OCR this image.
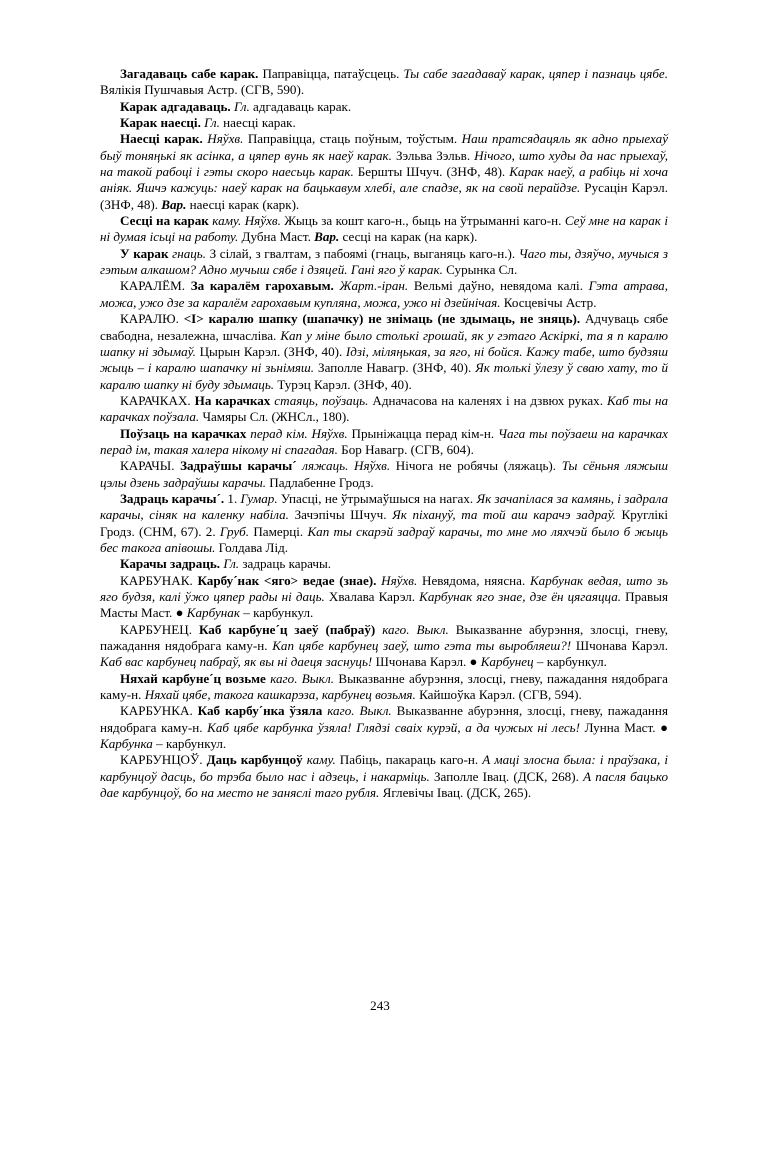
Загадаваць сабе карак. Паправіцца, патаўсцець. Ты сабе загадаваў карак, цяпер і пазнаць цябе. Вялікія Пушчавыя Астр. (СГВ, 590).

Карак адгадаваць. Гл. адгадаваць карак.

Карак наесці. Гл. наесці карак.

Наесці карак. Няўхв. Паправіцца, стаць поўным, тоўстым. Наш пратсядацяль як адно прыехаў быў тоняңькі як асінка, а цяпер вунь як наеў карак. Зэльва Зэльв. Нічого, што худы да нас прыехаў, на такой рабоці і гэты скоро наесьць карак. Бершты Шчуч. (ЗНФ, 48). Карак наеў, а рабіць ні хоча аніяк. Яшчэ кажуць: наеў карак на бацькавум хлебі, але спадзе, як на свой перайдзе. Русацін Карэл. (ЗНФ, 48). Вар. наесці карак (карк).

Сесці на карак каму. Няўхв. Жыць за кошт каго-н., быць на ўтрыманні каго-н. Сеў мне на карак і ні думая ісьці на работу. Дубна Маст. Вар. сесці на карак (на карк).

У карак гнаць. З сілай, з гвалтам, з пабоямі (гнаць, выганяць каго-н.). Чаго ты, дзяўчо, мучыся з гэтым алкашом? Адно мучыш сябе і дзяцей. Гані яго ў карак. Сурынка Сл.

КАРАЛЁМ. За каралём гарохавым. Жарт.-іран. Вельмі даўно, невядома калі. Гэта атрава, можа, ужо дзе за каралём гарохавым купляна, можа, ужо ні дзейнічая. Косцевічы Астр.

КАРАЛЮ. <І> каралю шапку (шапачку) не знімаць (не здымаць, не зняць). Адчуваць сябе свабодна, незалежна, шчасліва. Кап у міне было столькі грошай, як у гэтаго Аскіркі, та я п каралю шапку ні здымаў. Цырын Карэл. (ЗНФ, 40). Ідзі, міляңькая, за яго, ні бойся. Кажу табе, што будзяш жыць – і каралю шапачку ні зьнімяш. Заполле Навагр. (ЗНФ, 40). Як толькі ўлезу ў сваю хату, то й каралю шапку ні буду здымаць. Турэц Карэл. (ЗНФ, 40).

КАРАЧКАХ. На карачках стаяць, поўзаць. Адначасова на каленях і на дзвюх руках. Каб ты на карачках поўзала. Чамяры Сл. (ЖНСл., 180).

Поўзаць на карачках перад кім. Няўхв. Прыніжацца перад кім-н. Чага ты поўзаеш на карачках перад ім, такая халера нікому ні спагадая. Бор Навагр. (СГВ, 604).

КАРАЧЫ. Задраўшы карачы´ ляжаць. Няўхв. Нічога не робячы (ляжаць). Ты сёньня ляжыш цэлы дзень задраўшы карачы. Падлабенне Гродз.

Задраць карачы´. 1. Гумар. Упасці, не ўтрымаўшыся на нагах. Як зачапілася за камянь, і задрала карачы, сіняк на каленку набіла. Зачэпічы Шчуч. Як піхануў, та той аш карачэ задраў. Круглікі Гродз. (СНМ, 67). 2. Груб. Памерці. Кап ты скарэй задраў карачы, то мне мо ляхчэй было б жыць бес такога апівошы. Голдава Лід.

Карачы задраць. Гл. задраць карачы.

КАРБУНАК. Карбу´нак <яго> ведае (знае). Няўхв. Невядома, няясна. Карбунак ведая, што зь яго будзя, калі ўжо цяпер рады ні даць. Хвалава Карэл. Карбунак яго знае, дзе ён цягаяцца. Правыя Масты Маст. ● Карбунак – карбункул.

КАРБУНЕЦ. Каб карбуне´ц заеў (пабраў) каго. Выкл. Выказванне абурэння, злосці, гневу, пажадання нядобрага каму-н. Кап цябе карбунец заеў, што гэта ты выробляеш?! Шчонава Карэл. Каб вас карбунец пабраў, як вы ні даеця заснуць! Шчонава Карэл. ● Карбунец – карбункул.

Няхай карбуне´ц возьме каго. Выкл. Выказванне абурэння, злосці, гневу, пажадання нядобрага каму-н. Няхай цябе, такога кашкарэза, карбунец возьмя. Кайшоўка Карэл. (СГВ, 594).

КАРБУНКА. Каб карбу´нка ўзяла каго. Выкл. Выказванне абурэння, злосці, гневу, пажадання нядобрага каму-н. Каб цябе карбунка ўзяла! Глядзі сваіх курэй, а да чужых ні лесь! Лунна Маст. ● Карбунка – карбункул.

КАРБУНЦОЎ. Даць карбунцоў каму. Пабіць, пакараць каго-н. А маці злосна была: і праўзака, і карбунцоў дасць, бо трэба было нас і адзець, і накарміць. Заполле Івац. (ДСК, 268). А пасля бацько дае карбунцоў, бо на место не заняслі таго рубля. Яглевічы Івац. (ДСК, 265).

243
